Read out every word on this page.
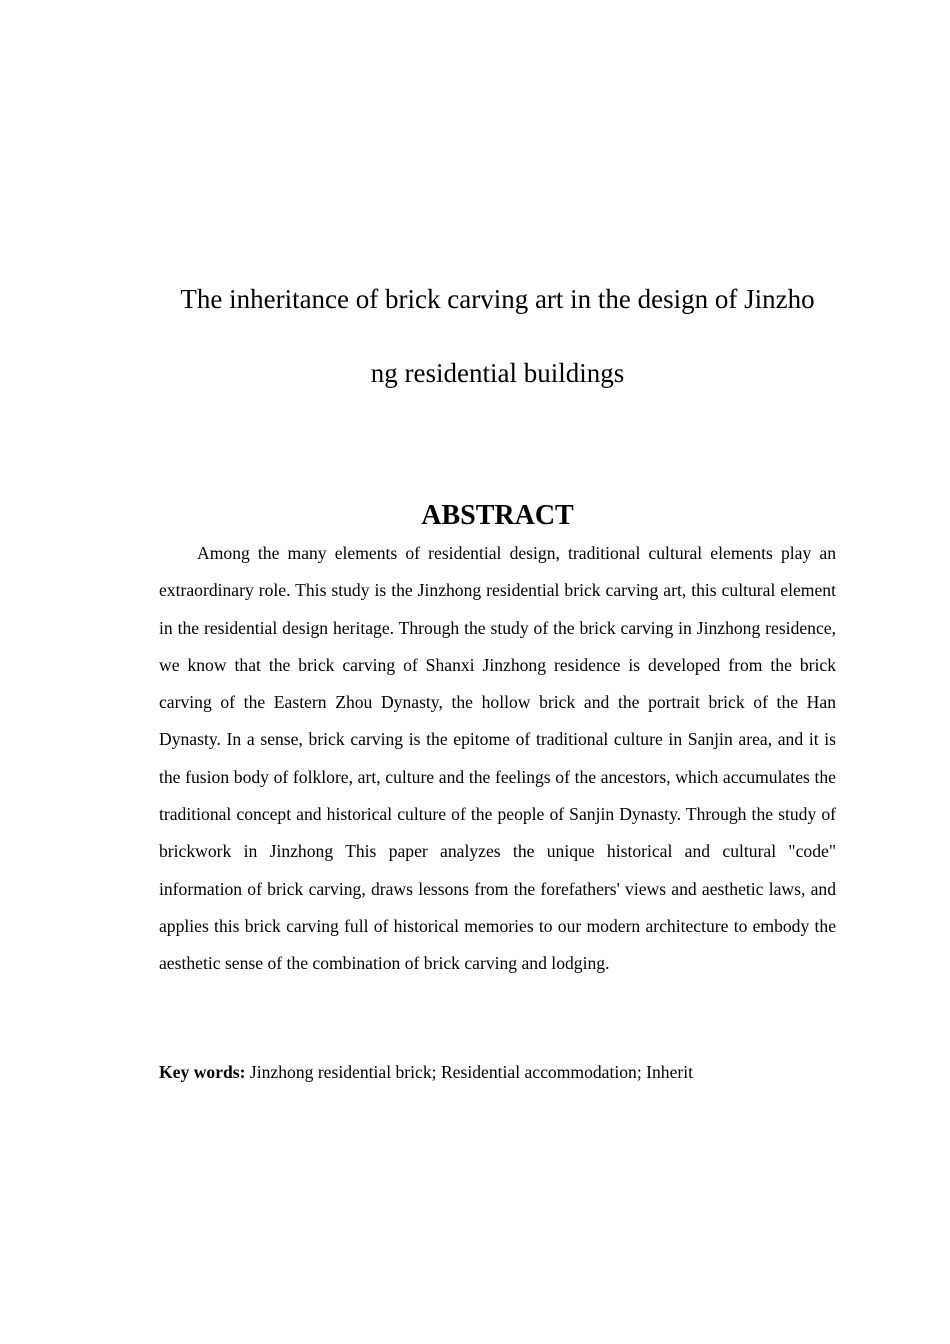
The inheritance of brick carving art in the design of Jinzho
ng residential buildings
ABSTRACT

Among the many elements of residential design, traditional cultural elements play an extraordinary role. This study is the Jinzhong residential brick carving art, this cultural element in the residential design heritage. Through the study of the brick carving in Jinzhong residence, we know that the brick carving of Shanxi Jinzhong residence is developed from the brick carving of the Eastern Zhou Dynasty, the hollow brick and the portrait brick of the Han Dynasty. In a sense, brick carving is the epitome of traditional culture in Sanjin area, and it is the fusion body of folklore, art, culture and the feelings of the ancestors, which accumulates the traditional concept and historical culture of the people of Sanjin Dynasty. Through the study of brickwork in Jinzhong This paper analyzes the unique historical and cultural "code" information of brick carving, draws lessons from the forefathers' views and aesthetic laws, and applies this brick carving full of historical memories to our modern architecture to embody the aesthetic sense of the combination of brick carving and lodging.

Key words: Jinzhong residential brick; Residential accommodation; Inherit
